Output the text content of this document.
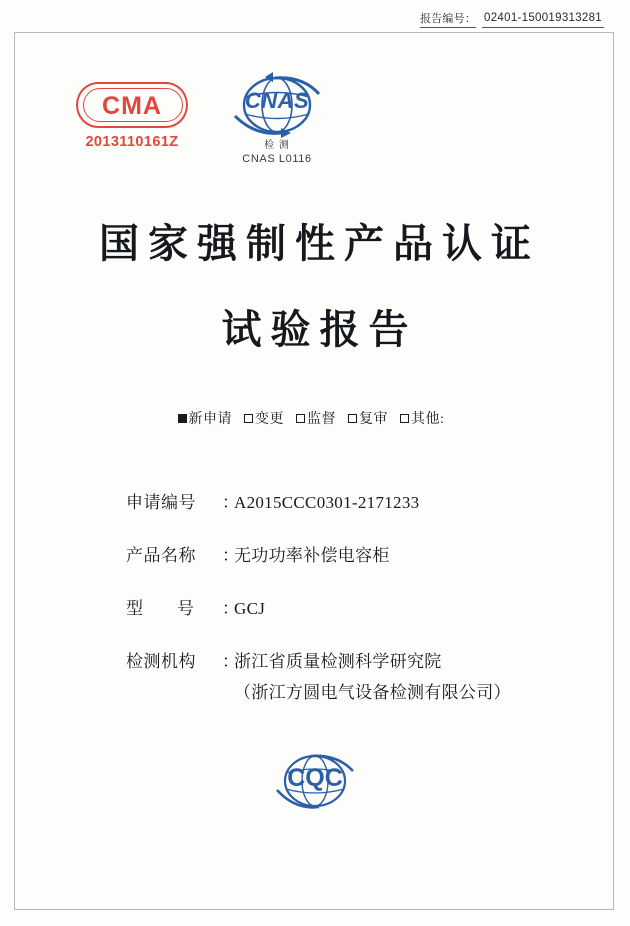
报告编号： 02401-150019313281
CMA
2013110161Z
CNAS
检 测
CNAS L0116
国家强制性产品认证
试验报告
新申请 变更 监督 复审 其他:
申请编号	：
A2015CCC0301-2171233
产品名称	：
无功功率补偿电容柜
型　　号	：
GCJ
检测机构	：
浙江省质量检测科学研究院
（浙江方圆电气设备检测有限公司）
CQC
